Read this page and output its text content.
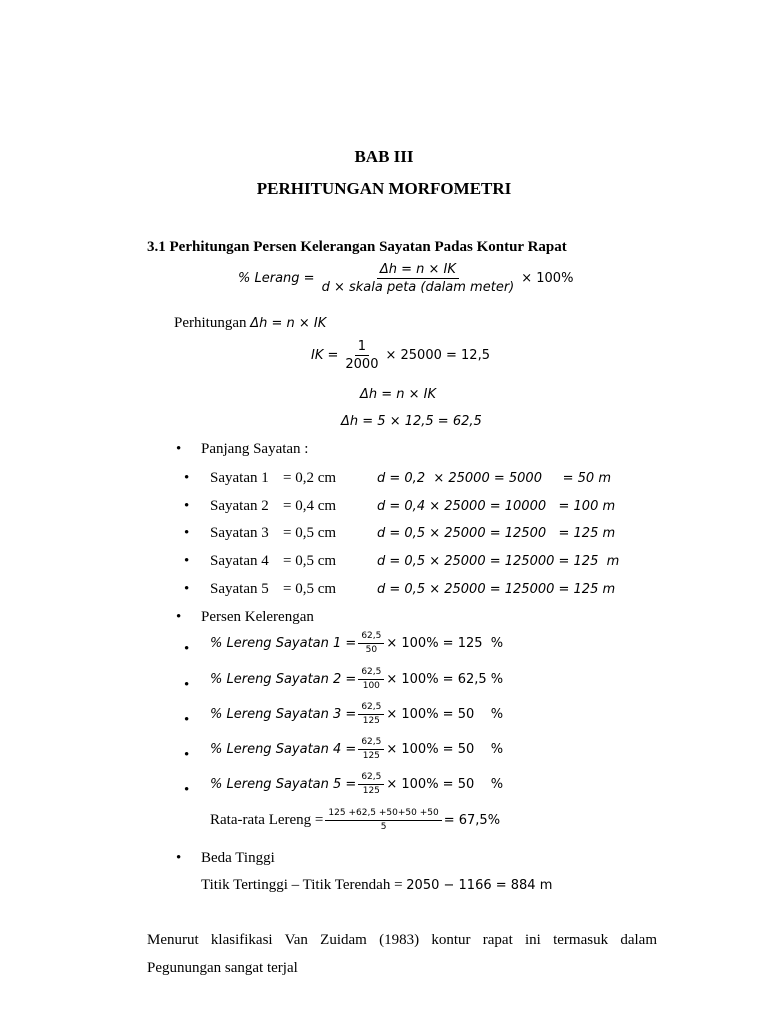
BAB III
PERHITUNGAN MORFOMETRI
3.1 Perhitungan Persen Kelerangan Sayatan Padas Kontur Rapat
% Lerang = $\frac{\Delta h = n \times IK}{\text{d × skala peta (dalam meter)}} \times 100\%$
Perhitungan Δh = n × IK
IK = $\frac{1}{2000} \times 25000 = 12,5$
Δh = n × IK
Δh = 5 × 12,5 = 62,5
• Panjang Sayatan :
• Sayatan 1 = 0,2 cm	d = 0,2  × 25000 = 5000     = 50 m
• Sayatan 2 = 0,4 cm	d = 0,4 × 25000 = 10000   = 100 m
• Sayatan 3 = 0,5 cm	d = 0,5 × 25000 = 12500   = 125 m
• Sayatan 4 = 0,5 cm	d = 0,5 × 25000 = 125000 = 125  m
• Sayatan 5 = 0,5 cm	d = 0,5 × 25000 = 125000 = 125 m
• Persen Kelerengan
• % Lereng Sayatan $1 = \frac{62,5}{50} \times 100\% = 125$  %
• % Lereng Sayatan $2 = \frac{62,5}{100} \times 100\% = 62,5$ %
• % Lereng Sayatan $3 = \frac{62,5}{125} \times 100\% = 50$    %
• % Lereng Sayatan $4 = \frac{62,5}{125} \times 100\% = 50$    %
• % Lereng Sayatan $5 = \frac{62,5}{125} \times 100\% = 50$    %
Rata-rata Lereng = $\frac{125 +62,5 +50+50 +50}{5} = 67,5\%$
• Beda Tinggi
Titik Tertinggi – Titik Terendah = 2050 − 1166 = 884 m
Menurut klasifikasi Van Zuidam (1983) kontur rapat ini termasuk dalam
Pegunungan sangat terjal
